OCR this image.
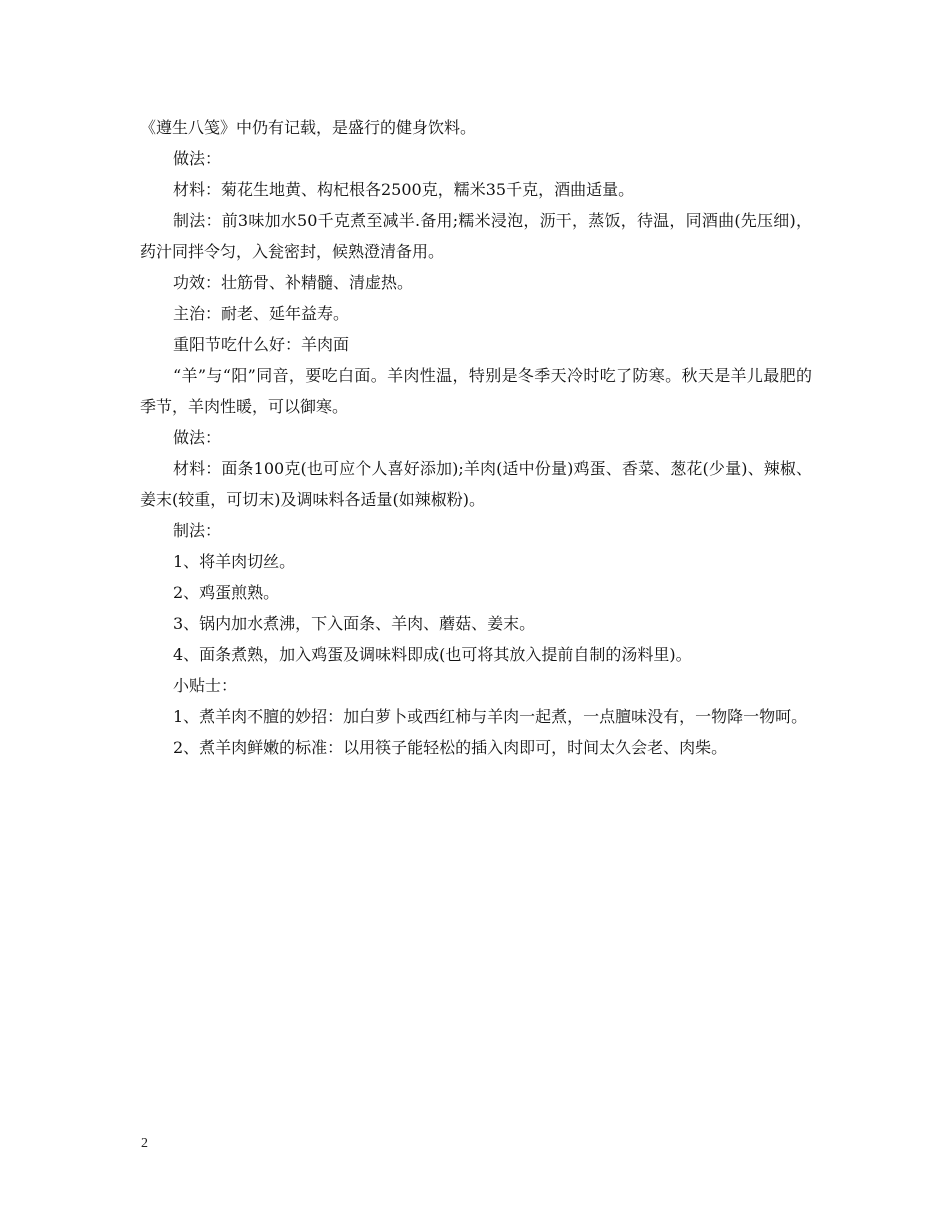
《遵生八笺》中仍有记载，是盛行的健身饮料。

做法：

材料：菊花生地黄、构杞根各2500克，糯米35千克，酒曲适量。

制法：前3味加水50千克煮至减半.备用;糯米浸泡，沥干，蒸饭，待温，同酒曲(先压细)，药汁同拌令匀，入瓮密封，候熟澄清备用。

功效：壮筋骨、补精髓、清虚热。

主治：耐老、延年益寿。

重阳节吃什么好：羊肉面

“羊”与“阳”同音，要吃白面。羊肉性温，特别是冬季天冷时吃了防寒。秋天是羊儿最肥的季节，羊肉性暖，可以御寒。

做法：

材料：面条100克(也可应个人喜好添加);羊肉(适中份量)鸡蛋、香菜、葱花(少量)、辣椒、姜末(较重，可切末)及调味料各适量(如辣椒粉)。

制法：

1、将羊肉切丝。

2、鸡蛋煎熟。

3、锅内加水煮沸，下入面条、羊肉、蘑菇、姜末。

4、面条煮熟，加入鸡蛋及调味料即成(也可将其放入提前自制的汤料里)。

小贴士：

1、煮羊肉不膻的妙招：加白萝卜或西红柿与羊肉一起煮，一点膻味没有，一物降一物呵。

2、煮羊肉鲜嫩的标准：以用筷子能轻松的插入肉即可，时间太久会老、肉柴。

2
